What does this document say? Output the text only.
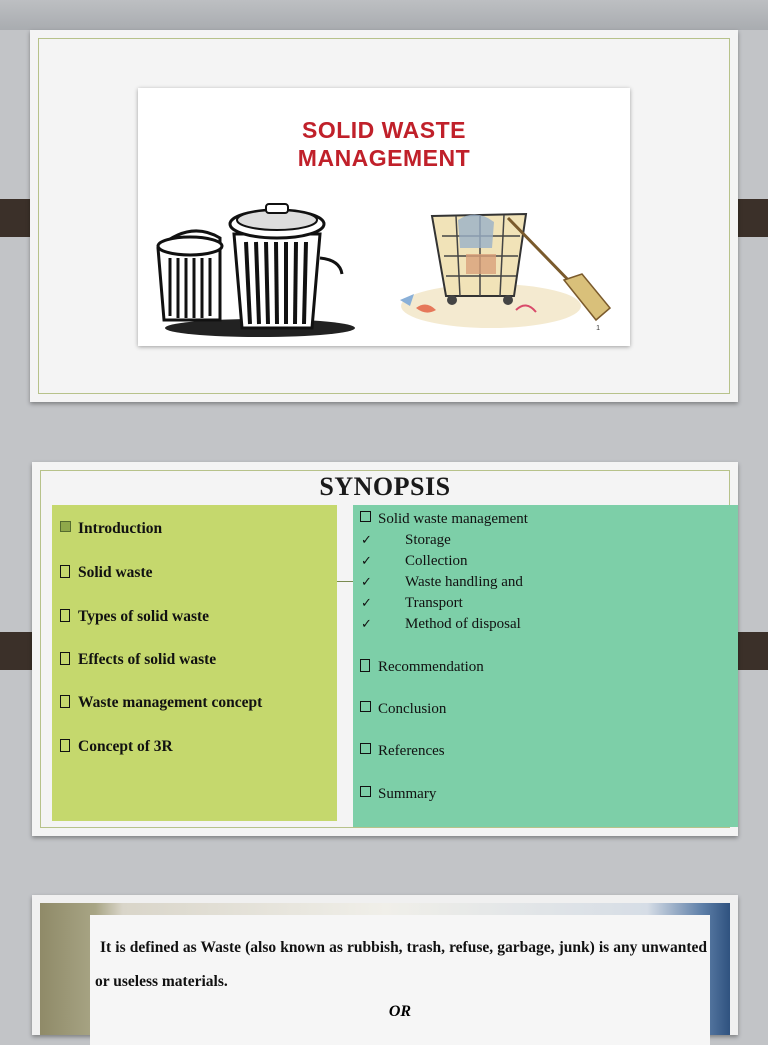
SOLID WASTE
MANAGEMENT
1
SYNOPSIS
Introduction
Solid waste
Types of solid waste
Effects of solid waste
Waste management concept
Concept of 3R
Solid waste management
✓ Storage
✓ Collection
✓ Waste handling and
✓ Transport
✓ Method of disposal
Recommendation
Conclusion
References
Summary
It is defined as Waste (also known as rubbish, trash, refuse, garbage, junk) is any unwanted or useless materials.
OR
